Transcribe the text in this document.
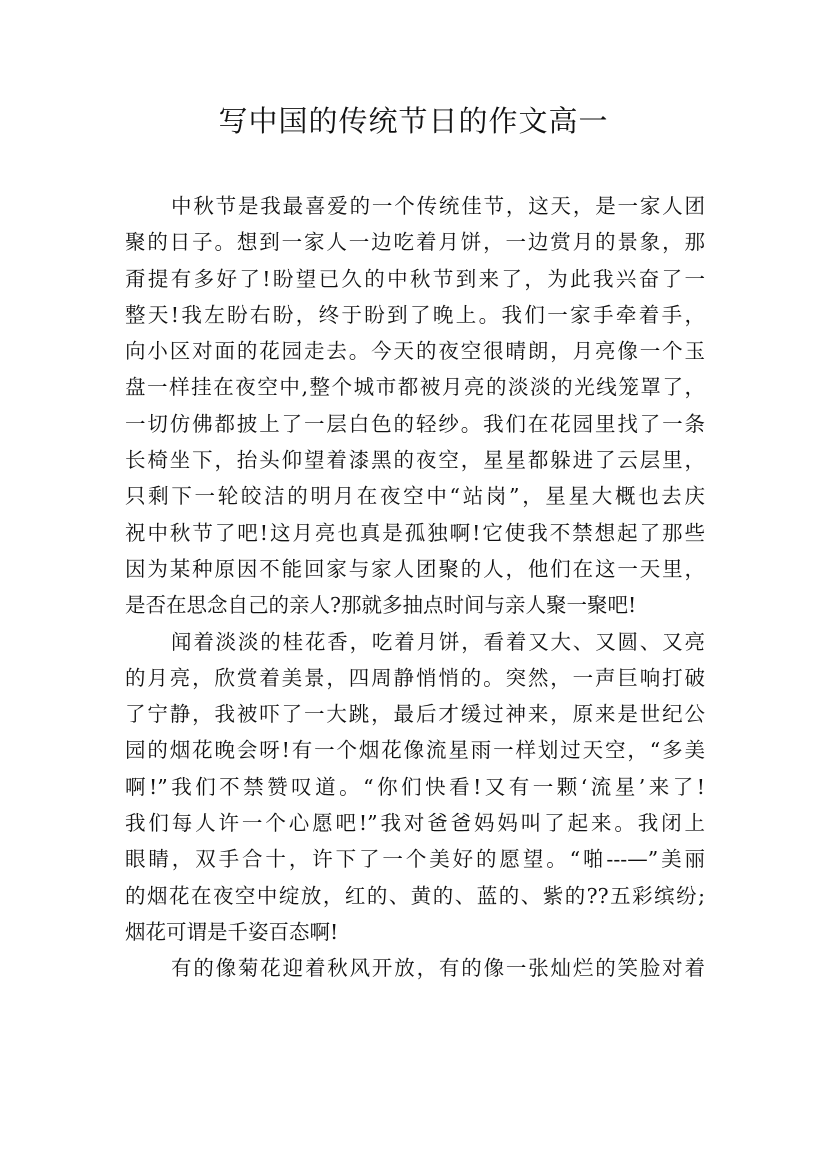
写中国的传统节日的作文高一
中秋节是我最喜爱的一个传统佳节，这天，是一家人团
聚的日子。想到一家人一边吃着月饼，一边赏月的景象，那
甭提有多好了!盼望已久的中秋节到来了，为此我兴奋了一
整天!我左盼右盼，终于盼到了晚上。我们一家手牵着手，
向小区对面的花园走去。今天的夜空很晴朗，月亮像一个玉
盘一样挂在夜空中,整个城市都被月亮的淡淡的光线笼罩了，
一切仿佛都披上了一层白色的轻纱。我们在花园里找了一条
长椅坐下，抬头仰望着漆黑的夜空，星星都躲进了云层里，
只剩下一轮皎洁的明月在夜空中“站岗”，星星大概也去庆
祝中秋节了吧!这月亮也真是孤独啊!它使我不禁想起了那些
因为某种原因不能回家与家人团聚的人，他们在这一天里，
是否在思念自己的亲人?那就多抽点时间与亲人聚一聚吧!
闻着淡淡的桂花香，吃着月饼，看着又大、又圆、又亮
的月亮，欣赏着美景，四周静悄悄的。突然，一声巨响打破
了宁静，我被吓了一大跳，最后才缓过神来，原来是世纪公
园的烟花晚会呀!有一个烟花像流星雨一样划过天空，“多美
啊!”我们不禁赞叹道。“你们快看!又有一颗‘流星’来了!
我们每人许一个心愿吧!”我对爸爸妈妈叫了起来。我闭上
眼睛，双手合十，许下了一个美好的愿望。“啪---—”美丽
的烟花在夜空中绽放，红的、黄的、蓝的、紫的??五彩缤纷;
烟花可谓是千姿百态啊!
有的像菊花迎着秋风开放，有的像一张灿烂的笑脸对着
